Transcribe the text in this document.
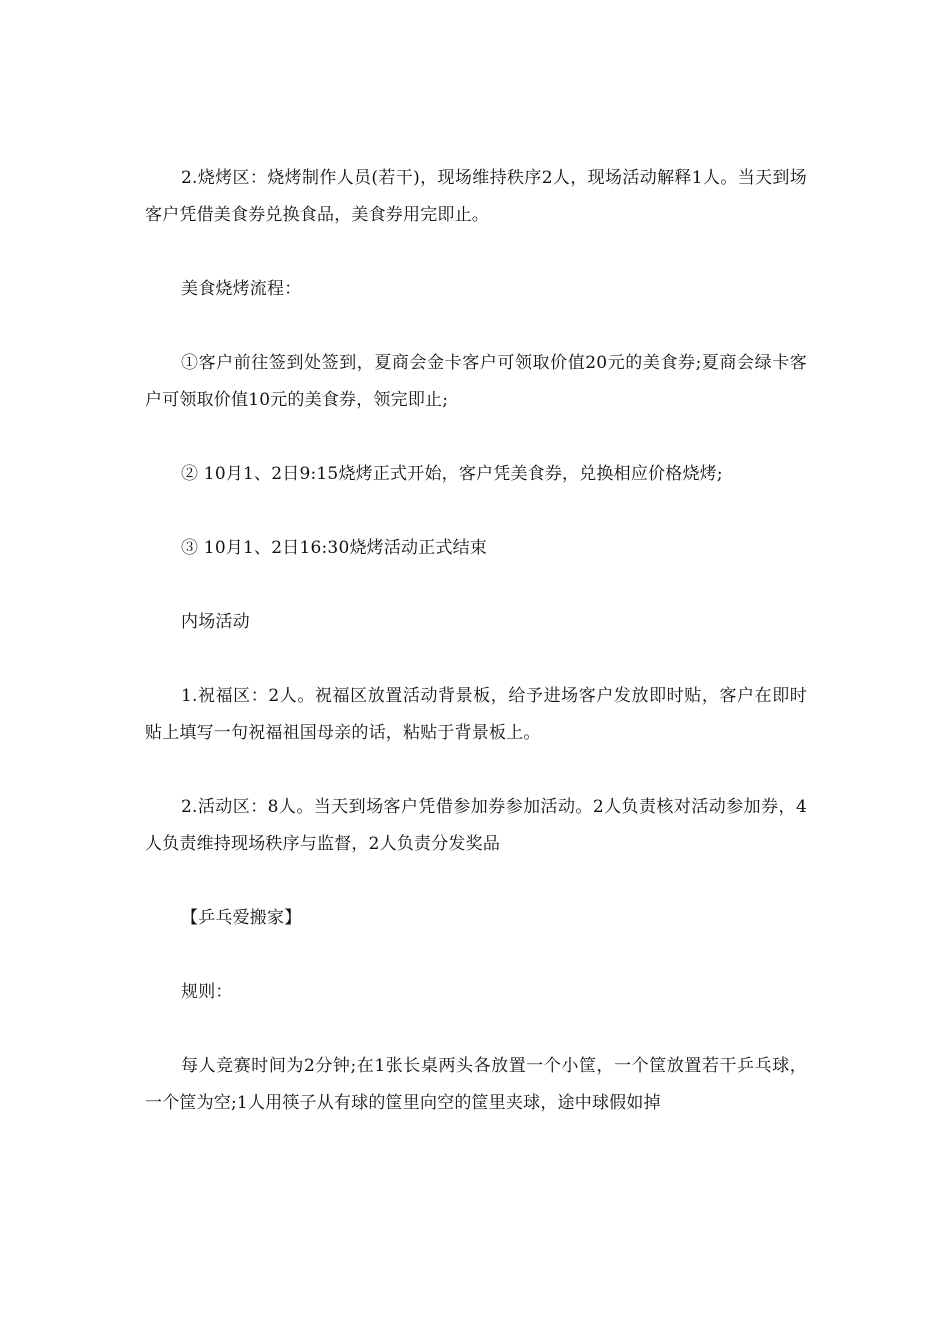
2.烧烤区：烧烤制作人员(若干)，现场维持秩序2人，现场活动解释1人。当天到场客户凭借美食券兑换食品，美食券用完即止。

美食烧烤流程：

①客户前往签到处签到，夏商会金卡客户可领取价值20元的美食券;夏商会绿卡客户可领取价值10元的美食券，领完即止;

② 10月1、2日9:15烧烤正式开始，客户凭美食券，兑换相应价格烧烤;

③ 10月1、2日16:30烧烤活动正式结束

内场活动

1.祝福区：2人。祝福区放置活动背景板，给予进场客户发放即时贴，客户在即时贴上填写一句祝福祖国母亲的话，粘贴于背景板上。

2.活动区：8人。当天到场客户凭借参加券参加活动。2人负责核对活动参加券，4人负责维持现场秩序与监督，2人负责分发奖品

【乒乓爱搬家】

规则：

每人竞赛时间为2分钟;在1张长桌两头各放置一个小筐，一个筐放置若干乒乓球，一个筐为空;1人用筷子从有球的筐里向空的筐里夹球，途中球假如掉
